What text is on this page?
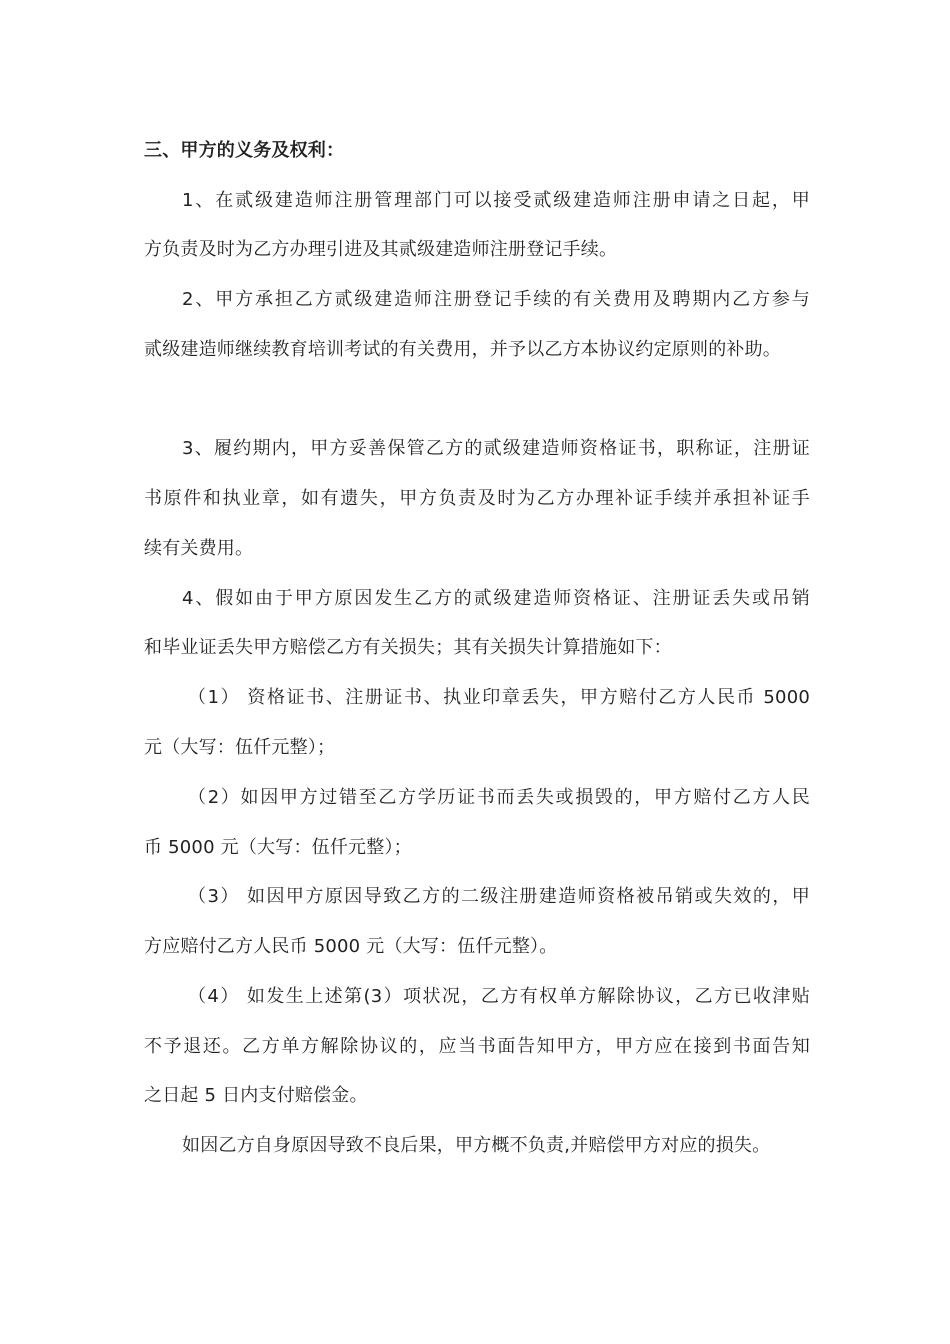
三、甲方的义务及权利：
1、在贰级建造师注册管理部门可以接受贰级建造师注册申请之日起，甲
方负责及时为乙方办理引进及其贰级建造师注册登记手续。
2、甲方承担乙方贰级建造师注册登记手续的有关费用及聘期内乙方参与
贰级建造师继续教育培训考试的有关费用，并予以乙方本协议约定原则的补助。
3、履约期内，甲方妥善保管乙方的贰级建造师资格证书，职称证，注册证
书原件和执业章，如有遗失，甲方负责及时为乙方办理补证手续并承担补证手
续有关费用。
4、假如由于甲方原因发生乙方的贰级建造师资格证、注册证丢失或吊销
和毕业证丢失甲方赔偿乙方有关损失；其有关损失计算措施如下：
（1） 资格证书、注册证书、执业印章丢失，甲方赔付乙方人民币 5000
元（大写：伍仟元整）；
（2）如因甲方过错至乙方学历证书而丢失或损毁的，甲方赔付乙方人民
币 5000 元（大写：伍仟元整）；
（3） 如因甲方原因导致乙方的二级注册建造师资格被吊销或失效的，甲
方应赔付乙方人民币 5000 元（大写：伍仟元整）。
（4） 如发生上述第(3）项状况，乙方有权单方解除协议，乙方已收津贴
不予退还。乙方单方解除协议的，应当书面告知甲方，甲方应在接到书面告知
之日起 5 日内支付赔偿金。
如因乙方自身原因导致不良后果，甲方概不负责,并赔偿甲方对应的损失。
